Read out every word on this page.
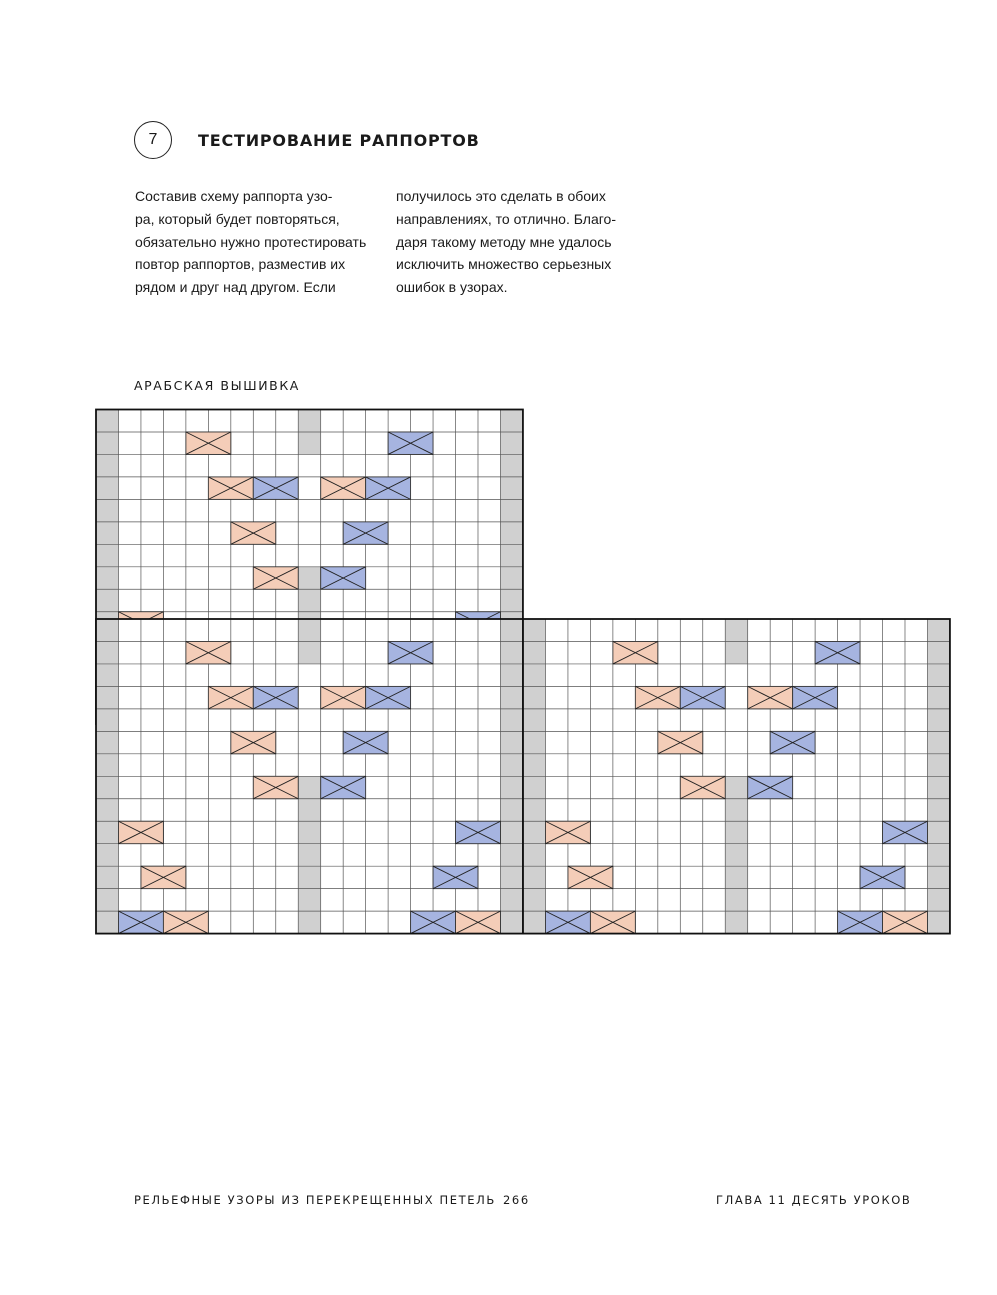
7	ТЕСТИРОВАНИЕ РАППОРТОВ
Составив схему раппорта узо-
ра, который будет повторяться,
обязательно нужно протестировать
повтор раппортов, разместив их
рядом и друг над другом. Если
получилось это сделать в обоих
направлениях, то отлично. Благо-
даря такому методу мне удалось
исключить множество серьезных
ошибок в узорах.
АРАБСКАЯ ВЫШИВКА
РЕЛЬЕФНЫЕ УЗОРЫ ИЗ ПЕРЕКРЕЩЕННЫХ ПЕТЕЛЬ 266	ГЛАВА 11 ДЕСЯТЬ УРОКОВ
